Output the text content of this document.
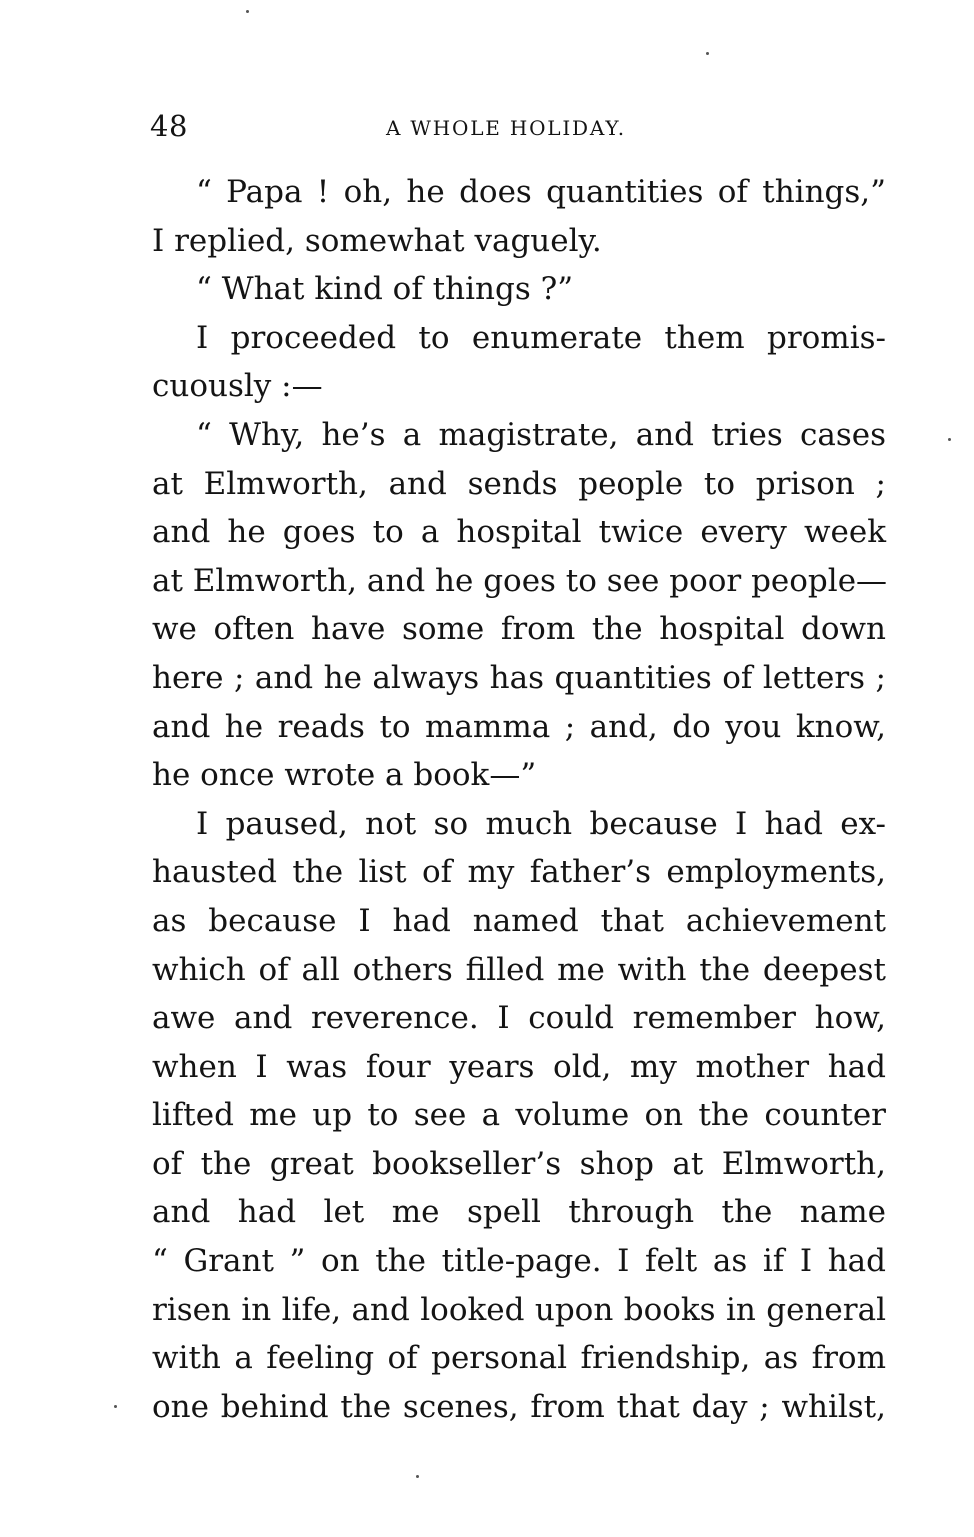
48	A WHOLE HOLIDAY.
“ Papa ! oh, he does quantities of things,”
I replied, somewhat vaguely.
“ What kind of things ?”
I proceeded to enumerate them promis-
cuously :—
“ Why, he’s a magistrate, and tries cases
at Elmworth, and sends people to prison ;
and he goes to a hospital twice every week
at Elmworth, and he goes to see poor people—
we often have some from the hospital down
here ; and he always has quantities of letters ;
and he reads to mamma ; and, do you know,
he once wrote a book—”
I paused, not so much because I had ex-
hausted the list of my father’s employments,
as because I had named that achievement
which of all others filled me with the deepest
awe and reverence. I could remember how,
when I was four years old, my mother had
lifted me up to see a volume on the counter
of the great bookseller’s shop at Elmworth,
and had let me spell through the name
“ Grant ” on the title-page. I felt as if I had
risen in life, and looked upon books in general
with a feeling of personal friendship, as from
one behind the scenes, from that day ; whilst,
